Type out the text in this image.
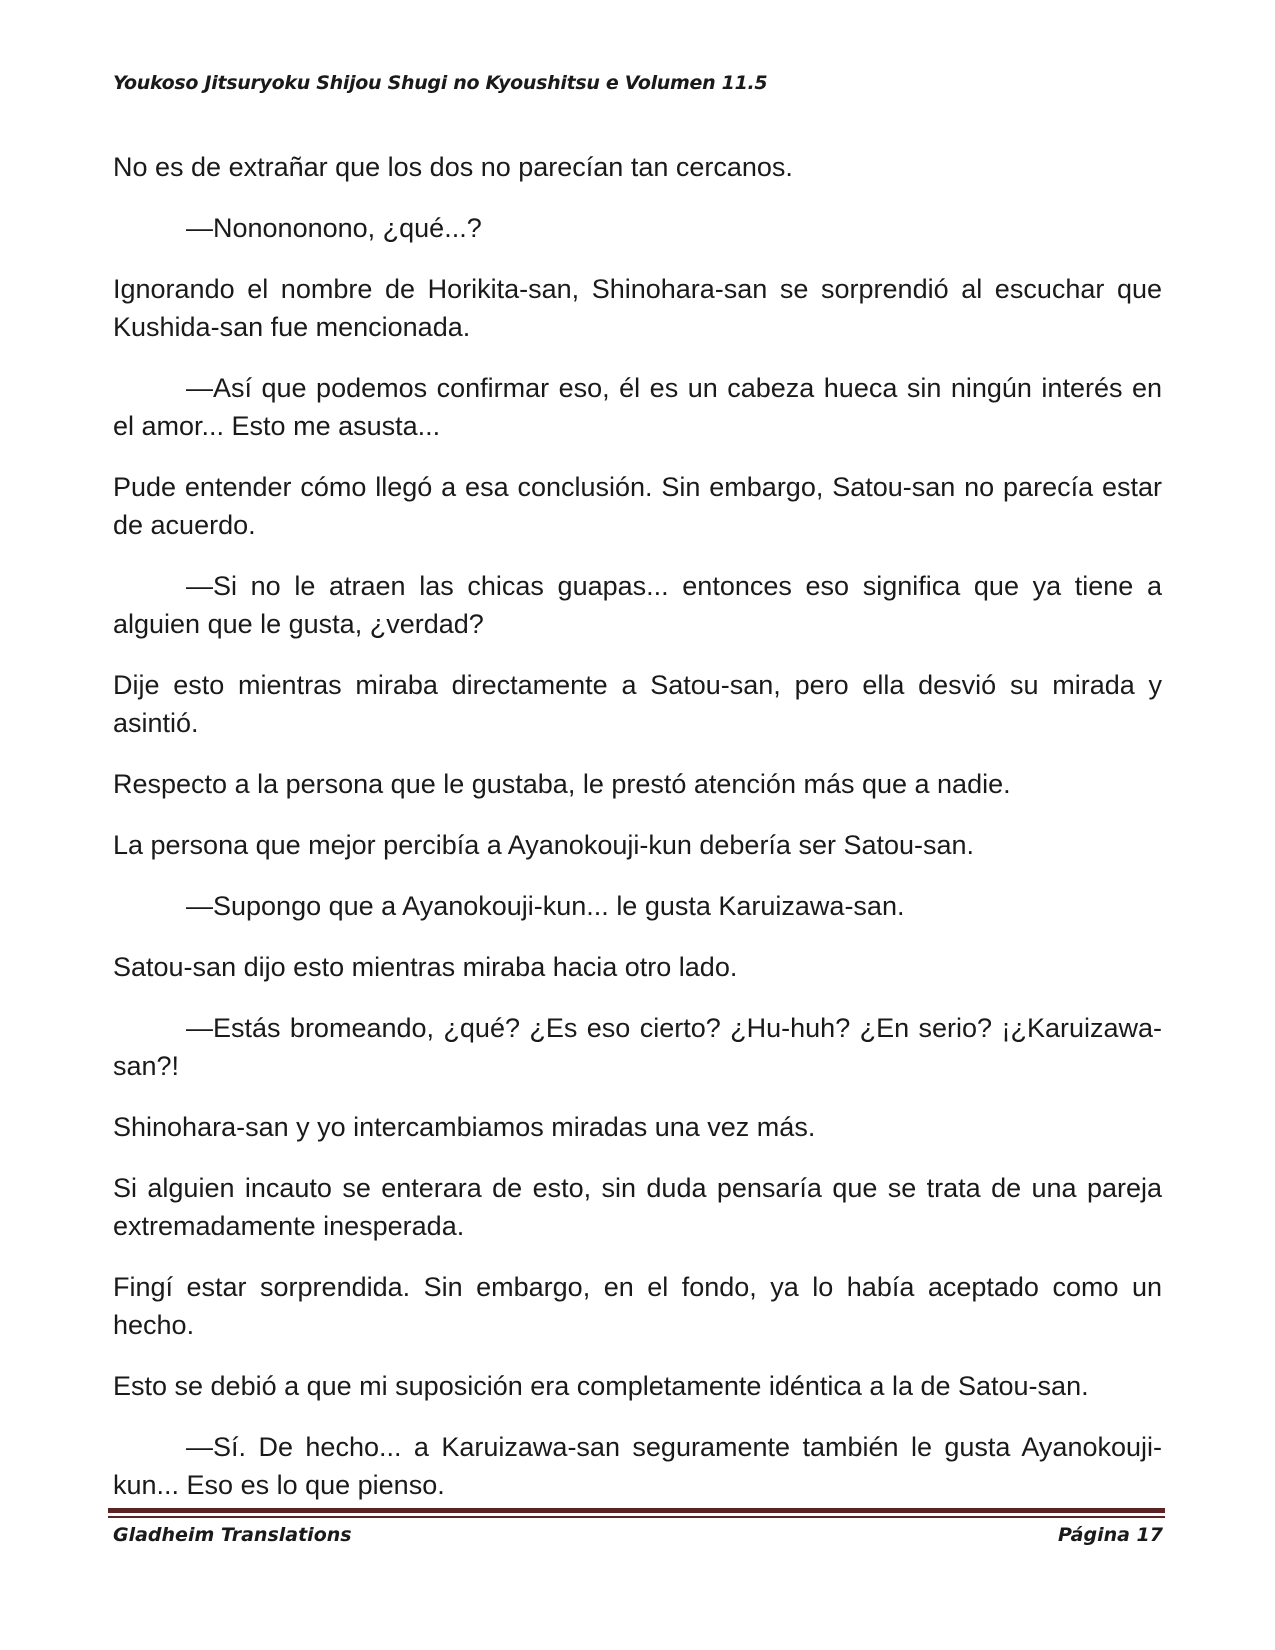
Youkoso Jitsuryoku Shijou Shugi no Kyoushitsu e Volumen 11.5

No es de extrañar que los dos no parecían tan cercanos.

—Nonononono, ¿qué...?

Ignorando el nombre de Horikita-san, Shinohara-san se sorprendió al escuchar que Kushida-san fue mencionada.

—Así que podemos confirmar eso, él es un cabeza hueca sin ningún interés en el amor... Esto me asusta...

Pude entender cómo llegó a esa conclusión. Sin embargo, Satou-san no parecía estar de acuerdo.

—Si no le atraen las chicas guapas... entonces eso significa que ya tiene a alguien que le gusta, ¿verdad?

Dije esto mientras miraba directamente a Satou-san, pero ella desvió su mirada y asintió.

Respecto a la persona que le gustaba, le prestó atención más que a nadie.

La persona que mejor percibía a Ayanokouji-kun debería ser Satou-san.

—Supongo que a Ayanokouji-kun... le gusta Karuizawa-san.

Satou-san dijo esto mientras miraba hacia otro lado.

—Estás bromeando, ¿qué? ¿Es eso cierto? ¿Hu-huh? ¿En serio? ¡¿Karuizawa-san?!

Shinohara-san y yo intercambiamos miradas una vez más.

Si alguien incauto se enterara de esto, sin duda pensaría que se trata de una pareja extremadamente inesperada.

Fingí estar sorprendida. Sin embargo, en el fondo, ya lo había aceptado como un hecho.

Esto se debió a que mi suposición era completamente idéntica a la de Satou-san.

—Sí. De hecho... a Karuizawa-san seguramente también le gusta Ayanokouji-kun... Eso es lo que pienso.

Gladheim Translations	Página 17
